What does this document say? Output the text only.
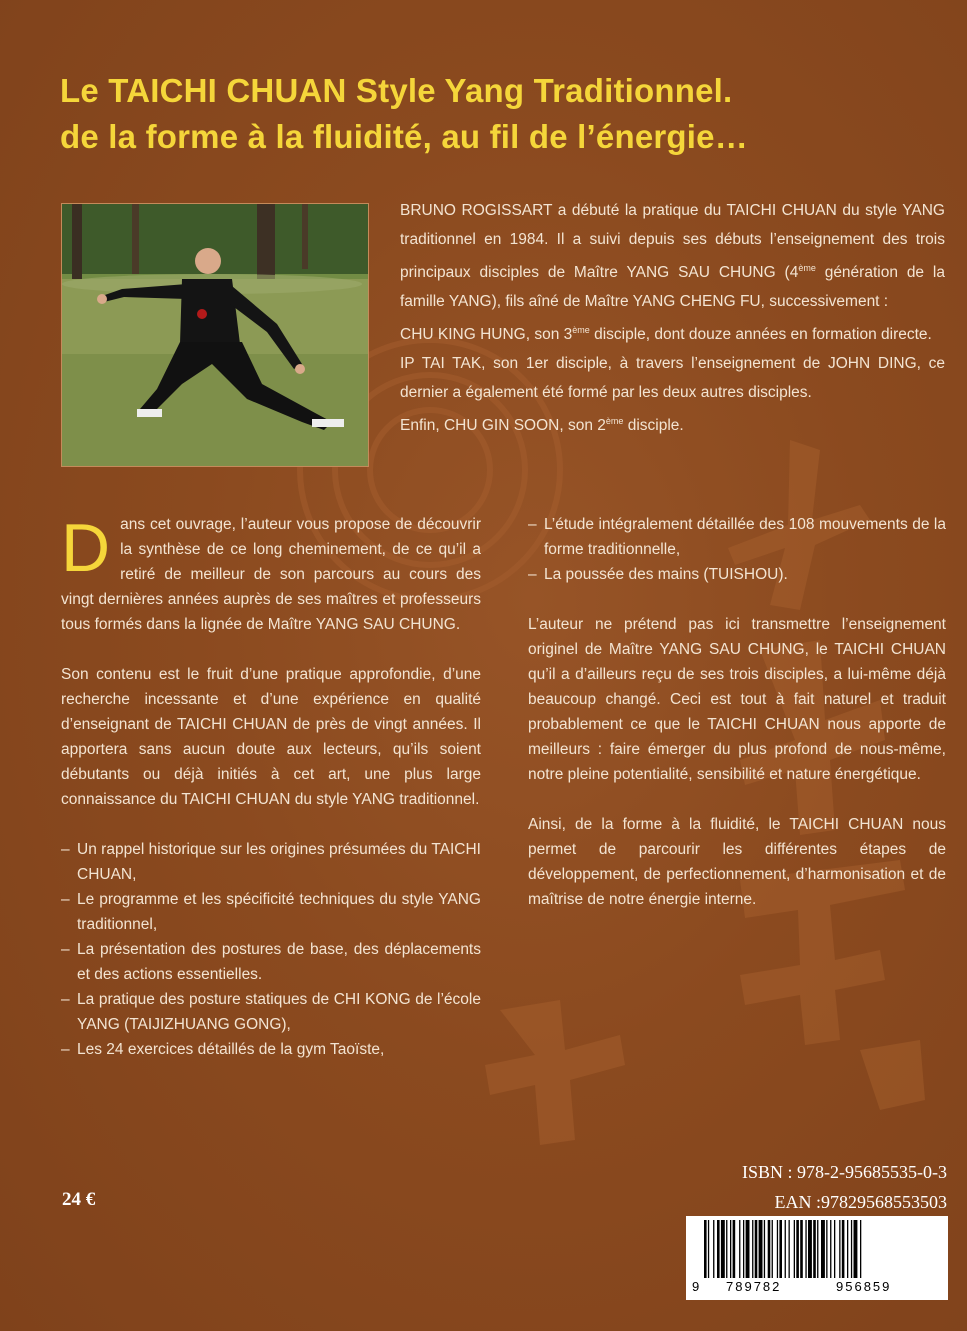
Le TAICHI CHUAN Style Yang Traditionnel.
de la forme à la fluidité, au fil de l’énergie…

BRUNO ROGISSART a débuté la pratique du TAICHI CHUAN du style YANG traditionnel en 1984. Il a suivi depuis ses débuts l’enseignement des trois principaux disciples de Maître YANG SAU CHUNG (4ème génération de la famille YANG), fils aîné de Maître YANG CHENG FU, successivement :

CHU KING HUNG, son 3ème disciple, dont douze années en formation directe.

IP TAI TAK, son 1er disciple, à travers l’enseignement de JOHN DING, ce dernier a également été formé par les deux autres disciples.

Enfin, CHU GIN SOON, son 2ème disciple.

Dans cet ouvrage, l’auteur vous propose de découvrir la synthèse de ce long cheminement, de ce qu’il a retiré de meilleur de son parcours au cours des vingt dernières années auprès de ses maîtres et professeurs tous formés dans la lignée de Maître YANG SAU CHUNG.

Son contenu est le fruit d’une pratique approfondie, d’une recherche incessante et d’une expérience en qualité d’enseignant de TAICHI CHUAN de près de vingt années. Il apportera sans aucun doute aux lecteurs, qu’ils soient débutants ou déjà initiés à cet art, une plus large connaissance du TAICHI CHUAN du style YANG traditionnel.

– Un rappel historique sur les origines présumées du TAICHI CHUAN,
– Le programme et les spécificité techniques du style YANG traditionnel,
– La présentation des postures de base, des déplacements et des actions essentielles.
– La pratique des posture statiques de CHI KONG de l’école YANG (TAIJIZHUANG GONG),
– Les 24 exercices détaillés de la gym Taoïste,
– L’étude intégralement détaillée des 108 mouvements de la forme traditionnelle,
– La poussée des mains (TUISHOU).

L’auteur ne prétend pas ici transmettre l’enseignement originel de Maître YANG SAU CHUNG, le TAICHI CHUAN qu’il a d’ailleurs reçu de ses trois disciples, a lui-même déjà beaucoup changé. Ceci est tout à fait naturel et traduit probablement ce que le TAICHI CHUAN nous apporte de meilleurs : faire émerger du plus profond de nous-même, notre pleine potentialité, sensibilité et nature énergétique.

Ainsi, de la forme à la fluidité, le TAICHI CHUAN nous permet de parcourir les différentes étapes de développement, de perfectionnement, d’harmonisation et de maîtrise de notre énergie interne.

24 €
ISBN : 978-2-95685535-0-3
EAN :97829568553503
9 789782	956859
